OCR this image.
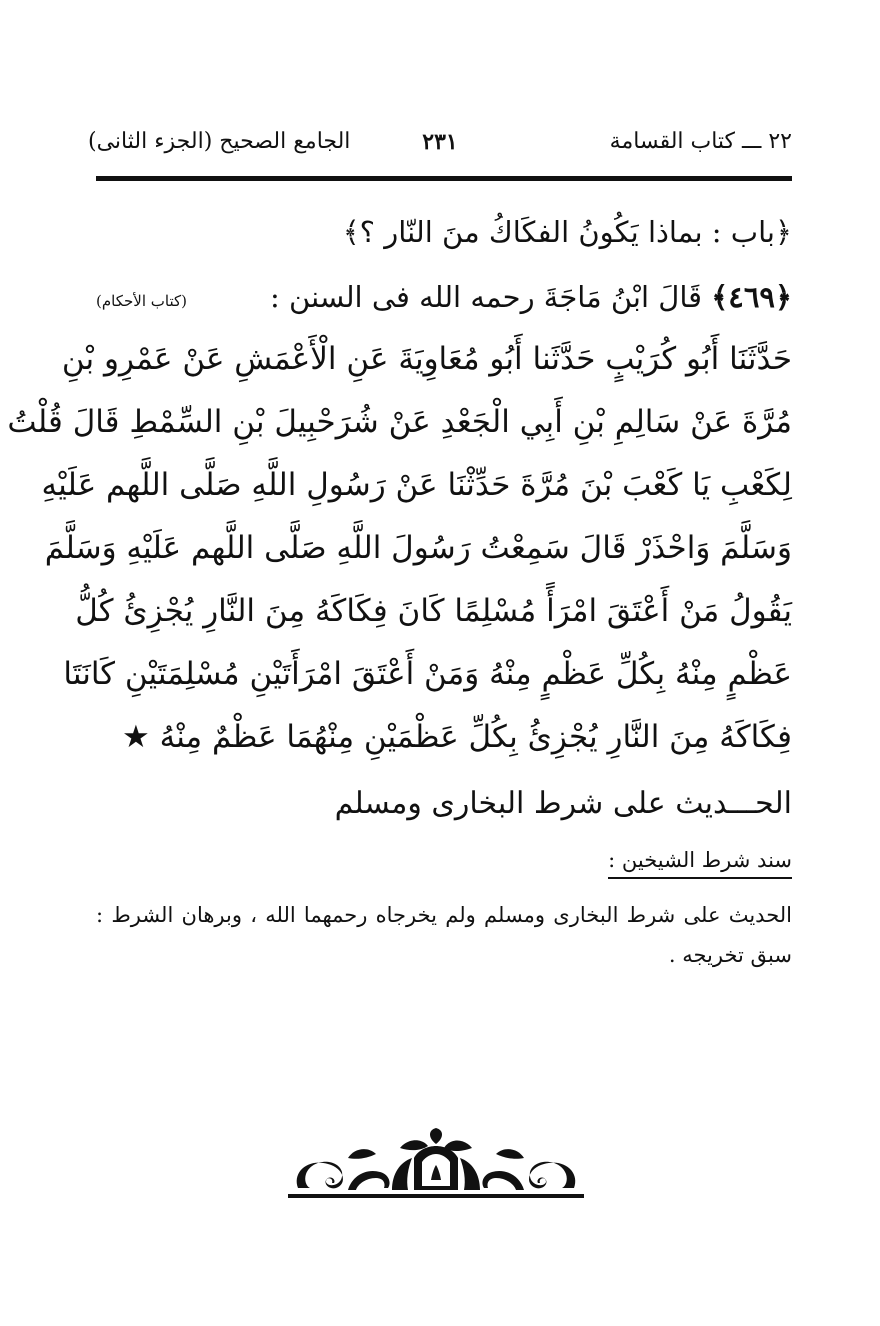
٢٢ ـــ كتاب القسامة
٢٣١
الجامع الصحيح (الجزء الثانى)
﴿باب : بماذا يَكُونُ الفكَاكُ منَ النّار ؟﴾
﴿٤٦٩﴾ قَالَ ابْنُ مَاجَةَ رحمه الله فى السنن :
(كتاب الأحكام)
حَدَّثَنَا أَبُو كُرَيْبٍ حَدَّثَنا أَبُو مُعَاوِيَةَ عَنِ الْأَعْمَشِ عَنْ عَمْرِو بْنِ
مُرَّةَ عَنْ سَالِمِ بْنِ أَبِي الْجَعْدِ عَنْ شُرَحْبِيلَ بْنِ السِّمْطِ قَالَ قُلْتُ
لِكَعْبِ يَا كَعْبَ بْنَ مُرَّةَ حَدِّثْنَا عَنْ رَسُولِ اللَّهِ صَلَّى اللَّهم عَلَيْهِ
وَسَلَّمَ وَاحْذَرْ قَالَ سَمِعْتُ رَسُولَ اللَّهِ صَلَّى اللَّهم عَلَيْهِ وَسَلَّمَ
يَقُولُ مَنْ أَعْتَقَ امْرَأً مُسْلِمًا كَانَ فِكَاكَهُ مِنَ النَّارِ يُجْزِئُ كُلُّ
عَظْمٍ مِنْهُ بِكُلِّ عَظْمٍ مِنْهُ وَمَنْ أَعْتَقَ امْرَأَتَيْنِ مُسْلِمَتَيْنِ كَانَتَا
فِكَاكَهُ مِنَ النَّارِ يُجْزِئُ بِكُلِّ عَظْمَيْنِ مِنْهُمَا عَظْمٌ مِنْهُ ★
الحـــديث على شرط البخارى ومسلم
سند شرط الشيخين :
الحديث على شرط البخارى ومسلم ولم يخرجاه رحمهما الله ، وبرهان الشرط :
سبق تخريجه .
